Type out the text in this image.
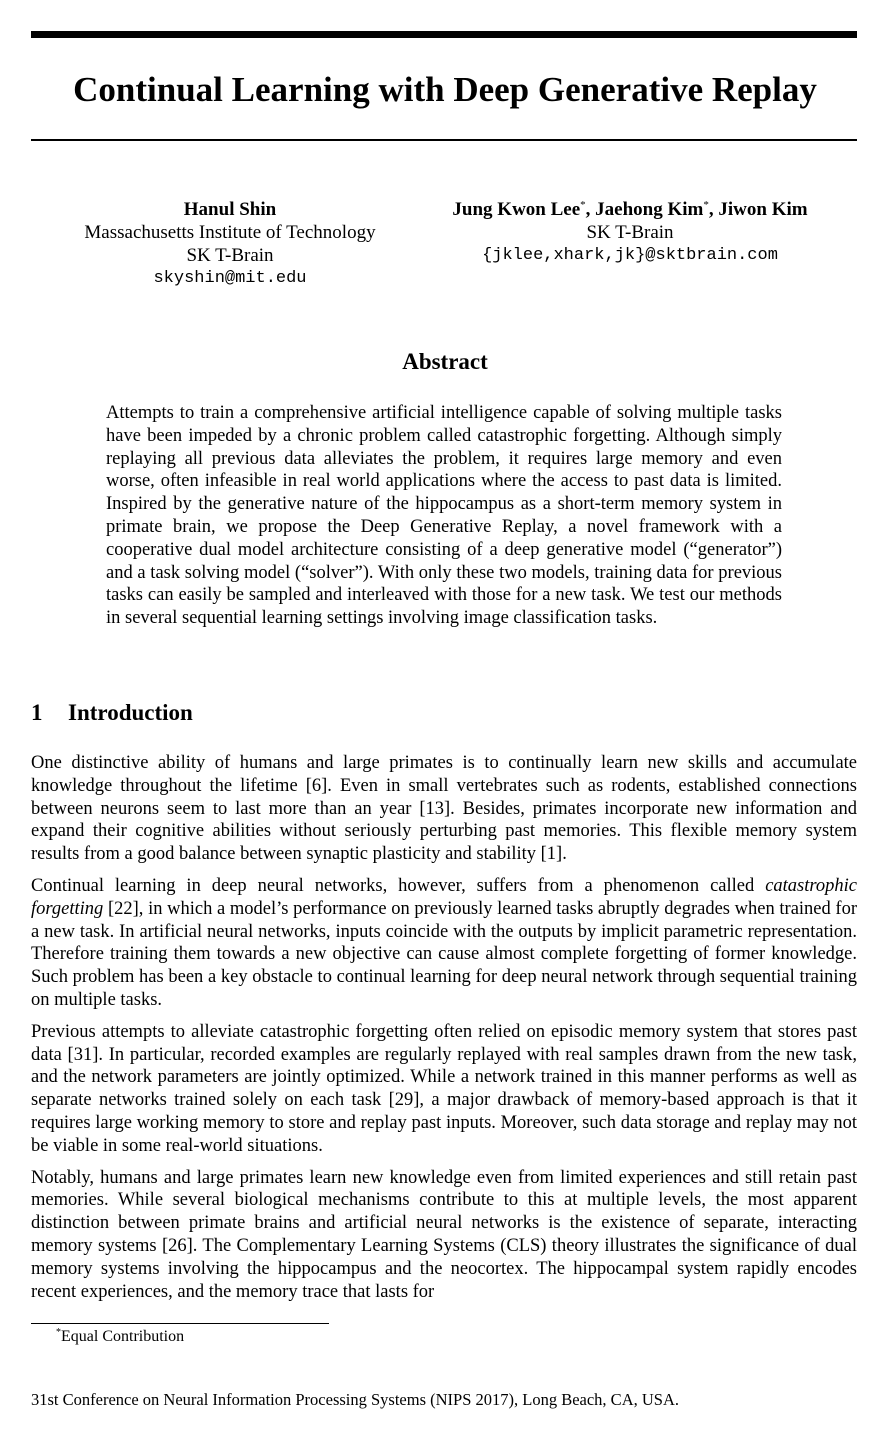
Continual Learning with Deep Generative Replay
Hanul Shin
Massachusetts Institute of Technology
SK T-Brain
skyshin@mit.edu
Jung Kwon Lee*, Jaehong Kim*, Jiwon Kim
SK T-Brain
{jklee,xhark,jk}@sktbrain.com
Abstract
Attempts to train a comprehensive artificial intelligence capable of solving multiple tasks have been impeded by a chronic problem called catastrophic forgetting. Although simply replaying all previous data alleviates the problem, it requires large memory and even worse, often infeasible in real world applications where the access to past data is limited. Inspired by the generative nature of the hippocampus as a short-term memory system in primate brain, we propose the Deep Generative Replay, a novel framework with a cooperative dual model architecture consisting of a deep generative model (“generator”) and a task solving model (“solver”). With only these two models, training data for previous tasks can easily be sampled and interleaved with those for a new task. We test our methods in several sequential learning settings involving image classification tasks.
1 Introduction

One distinctive ability of humans and large primates is to continually learn new skills and accumulate knowledge throughout the lifetime [6]. Even in small vertebrates such as rodents, established connections between neurons seem to last more than an year [13]. Besides, primates incorporate new information and expand their cognitive abilities without seriously perturbing past memories. This flexible memory system results from a good balance between synaptic plasticity and stability [1].

Continual learning in deep neural networks, however, suffers from a phenomenon called catastrophic forgetting [22], in which a model’s performance on previously learned tasks abruptly degrades when trained for a new task. In artificial neural networks, inputs coincide with the outputs by implicit parametric representation. Therefore training them towards a new objective can cause almost complete forgetting of former knowledge. Such problem has been a key obstacle to continual learning for deep neural network through sequential training on multiple tasks.

Previous attempts to alleviate catastrophic forgetting often relied on episodic memory system that stores past data [31]. In particular, recorded examples are regularly replayed with real samples drawn from the new task, and the network parameters are jointly optimized. While a network trained in this manner performs as well as separate networks trained solely on each task [29], a major drawback of memory-based approach is that it requires large working memory to store and replay past inputs. Moreover, such data storage and replay may not be viable in some real-world situations.

Notably, humans and large primates learn new knowledge even from limited experiences and still retain past memories. While several biological mechanisms contribute to this at multiple levels, the most apparent distinction between primate brains and artificial neural networks is the existence of separate, interacting memory systems [26]. The Complementary Learning Systems (CLS) theory illustrates the significance of dual memory systems involving the hippocampus and the neocortex. The hippocampal system rapidly encodes recent experiences, and the memory trace that lasts for

*Equal Contribution
31st Conference on Neural Information Processing Systems (NIPS 2017), Long Beach, CA, USA.
